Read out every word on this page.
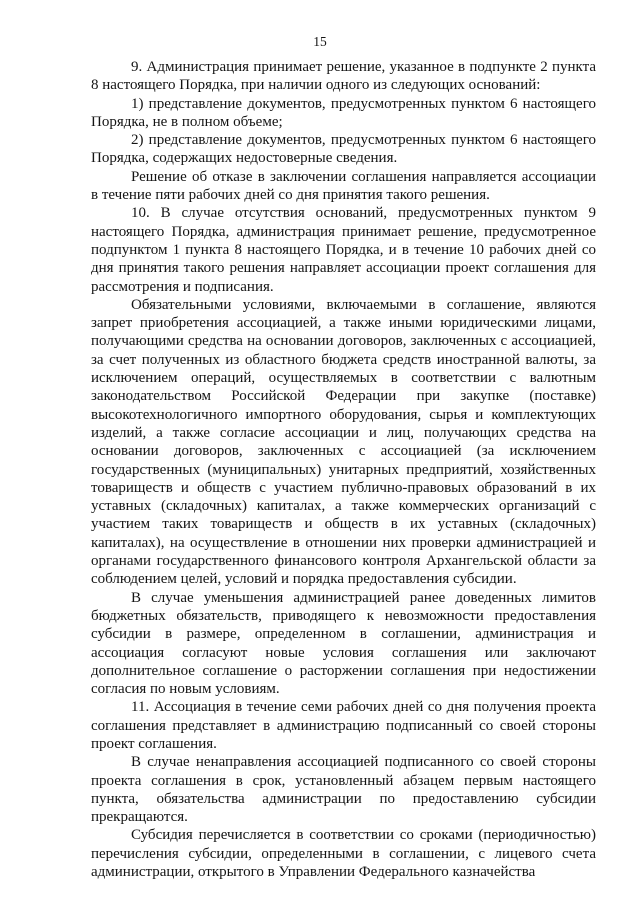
15

9. Администрация принимает решение, указанное в подпункте 2 пункта 8 настоящего Порядка, при наличии одного из следующих оснований:

1) представление документов, предусмотренных пунктом 6 настоящего Порядка, не в полном объеме;

2) представление документов, предусмотренных пунктом 6 настоящего Порядка, содержащих недостоверные сведения.

Решение об отказе в заключении соглашения направляется ассоциации в течение пяти рабочих дней со дня принятия такого решения.

10. В случае отсутствия оснований, предусмотренных пунктом 9 настоящего Порядка, администрация принимает решение, предусмотренное подпунктом 1 пункта 8 настоящего Порядка, и в течение 10 рабочих дней со дня принятия такого решения направляет ассоциации проект соглашения для рассмотрения и подписания.

Обязательными условиями, включаемыми в соглашение, являются запрет приобретения ассоциацией, а также иными юридическими лицами, получающими средства на основании договоров, заключенных с ассоциацией, за счет полученных из областного бюджета средств иностранной валюты, за исключением операций, осуществляемых в соответствии с валютным законодательством Российской Федерации при закупке (поставке) высокотехнологичного импортного оборудования, сырья и комплектующих изделий, а также согласие ассоциации и лиц, получающих средства на основании договоров, заключенных с ассоциацией (за исключением государственных (муниципальных) унитарных предприятий, хозяйственных товариществ и обществ с участием публично-правовых образований в их уставных (складочных) капиталах, а также коммерческих организаций с участием таких товариществ и обществ в их уставных (складочных) капиталах), на осуществление в отношении них проверки администрацией и органами государственного финансового контроля Архангельской области за соблюдением целей, условий и порядка предоставления субсидии.

В случае уменьшения администрацией ранее доведенных лимитов бюджетных обязательств, приводящего к невозможности предоставления субсидии в размере, определенном в соглашении, администрация и ассоциация согласуют новые условия соглашения или заключают дополнительное соглашение о расторжении соглашения при недостижении согласия по новым условиям.

11. Ассоциация в течение семи рабочих дней со дня получения проекта соглашения представляет в администрацию подписанный со своей стороны проект соглашения.

В случае ненаправления ассоциацией подписанного со своей стороны проекта соглашения в срок, установленный абзацем первым настоящего пункта, обязательства администрации по предоставлению субсидии прекращаются.

Субсидия перечисляется в соответствии со сроками (периодичностью) перечисления субсидии, определенными в соглашении, с лицевого счета администрации, открытого в Управлении Федерального казначейства
